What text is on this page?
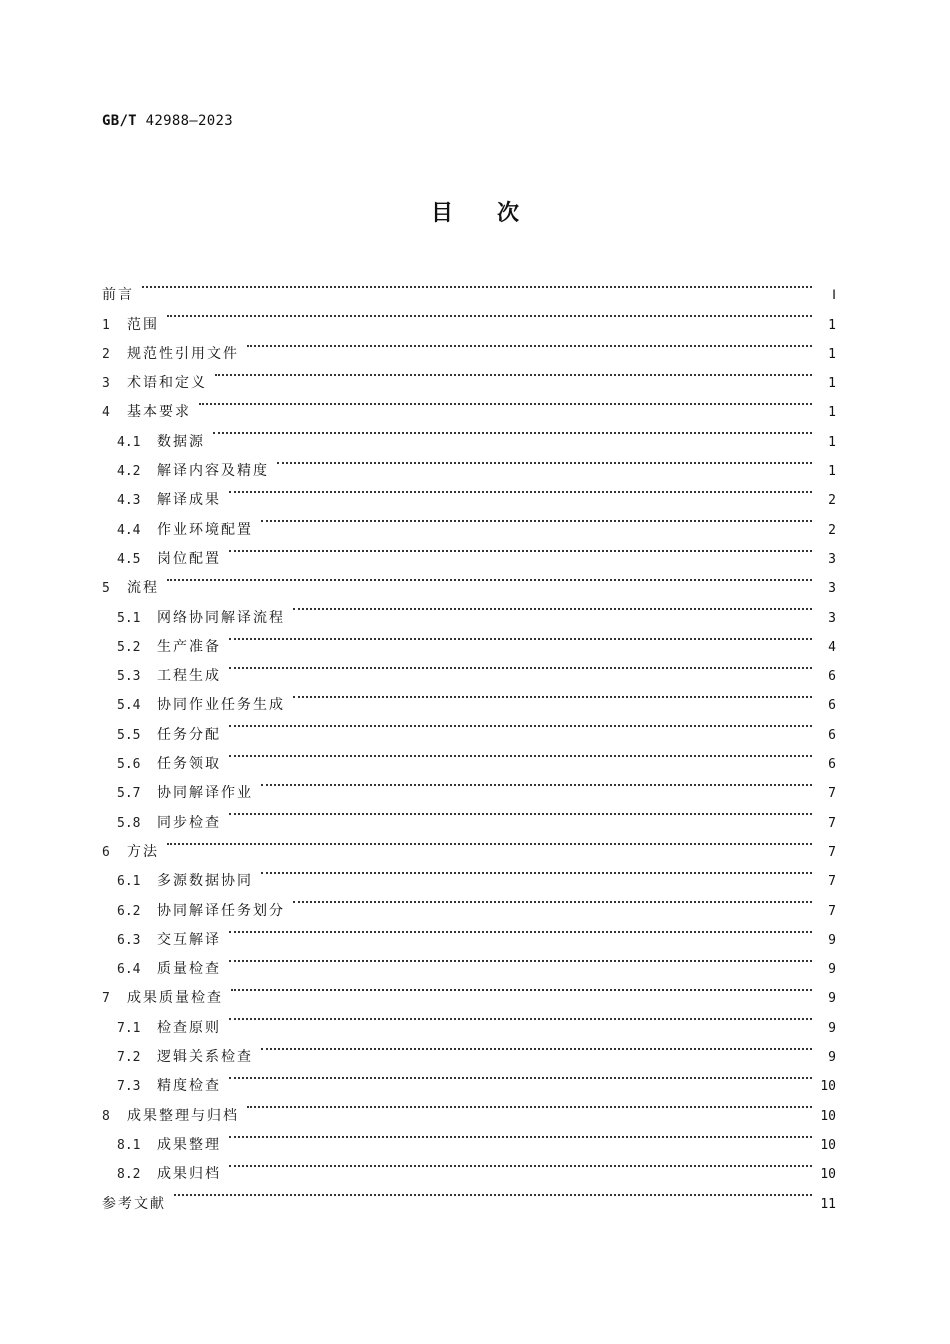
GB/T 42988—2023
目次
前言	Ⅰ
1	范围	1
2	规范性引用文件	1
3	术语和定义	1
4	基本要求	1
4.1	数据源	1
4.2	解译内容及精度	1
4.3	解译成果	2
4.4	作业环境配置	2
4.5	岗位配置	3
5	流程	3
5.1	网络协同解译流程	3
5.2	生产准备	4
5.3	工程生成	6
5.4	协同作业任务生成	6
5.5	任务分配	6
5.6	任务领取	6
5.7	协同解译作业	7
5.8	同步检查	7
6	方法	7
6.1	多源数据协同	7
6.2	协同解译任务划分	7
6.3	交互解译	9
6.4	质量检查	9
7	成果质量检查	9
7.1	检查原则	9
7.2	逻辑关系检查	9
7.3	精度检查	10
8	成果整理与归档	10
8.1	成果整理	10
8.2	成果归档	10
参考文献	11
